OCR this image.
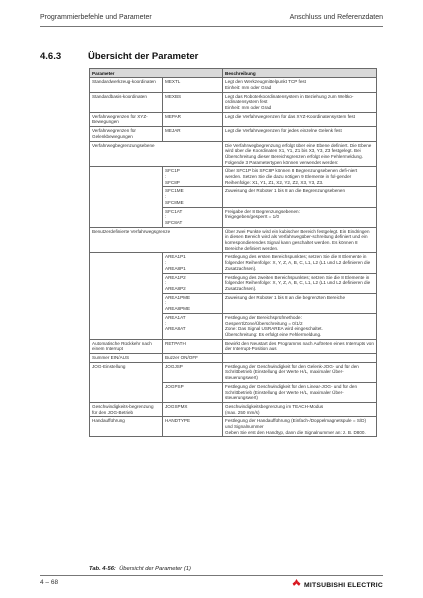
Programmierbefehle und Parameter	Anschluss und Referenzdaten
4.6.3	Übersicht der Parameter
Parameter		Beschreibung
Standardwerkzeug-koordinaten	MEXTL	Legt den Werkzeugmittelpunkt TCP fest
Einheit: mm oder Grad
Standardbasis-koordinaten	MEXBS	Legt das Roboterkoordinatensystem in Beziehung zum Weltko-ordinatensystem fest
Einheit: mm oder Grad
Verfahrwegrenzen für XYZ-Bewegungen	MEPAR	Legt die Verfahrwegrenzen für das XYZ-Koordinatensystem fest
Verfahrwegrenzen für Gelenkbewegungen	MEJAR	Legt die Verfahrwegrenzen für jedes einzelne Gelenk fest
Verfahrwegbegrenzungsebene		Die Verfahrwegbegrenzung erfolgt über eine Ebene definiert. Die Ebene wird über die Koordinaten X1, Y1, Z1 bis X3, Y3, Z3 festgelegt. Bei Überschreitung dieser Bereichsgrenzen erfolgt eine Fehlermeldung. Folgende 3 Parametertypen können verwendet werden:
	SFC1P
:
SFC8P	Über SFC1P bis SFC8P können 8 Begrenzungsebenen defi-niert werden. Setzen Sie die dazu nötigen 9 Elemente in fol-gender Reihenfolge: X1, Y1, Z1, X2, Y2, Z2, X3, Y3, Z3.
	SFC1ME
:
SFC8ME	Zuweisung der Roboter 1 bis 8 an die Begrenzungsebenen
	SFC1AT
:
SFC8AT	Freigabe der 8 Begrenzungsebenen:
freigegeben/gesperrt = 1/0
Benutzerdefinierte Verfahrwegsgrenze		Über zwei Punkte wird ein kubischer Bereich festgelegt. Ein Eindringen in diesen Bereich wird als Verfahrwegüber-schreitung definiert und ein korrespondierendes Signal kann geschaltet werden. Es können 8 Bereiche definiert werden.
	AREA1P1
:
AREA8P1	Festlegung des ersten Bereichspunktes; setzen Sie die 8 Elemente in folgender Reihenfolge: X, Y, Z, A, B, C, L1, L2 (L1 und L2 definieren die Zusatzachsen).
	AREA1P2
:
AREA8P2	Festlegung des zweiten Bereichspunktes; setzen Sie die 8 Elemente in folgender Reihenfolge: X, Y, Z, A, B, C, L1, L2 (L1 und L2 definieren die Zusatzachsen).
	AREA1PME
:
AREA8PME	Zuweisung der Roboter 1 bis 8 an die begrenzten Bereiche
	AREA1AT
:
AREA8AT	Festlegung der Bereichsprüfmethode:
Gesperrt/Zone/Überschreitung = 0/1/2
Zone: Das Signal USRAREA wird eingeschaltet.
Überschreitung: Es erfolgt eine Fehlermeldung.
Automatische Rückkehr nach einem Interrupt	RETPATH	Bewirkt den Neustart des Programms nach Auftreten eines Interrupts von der Interrupt-Position aus
Summer EIN/AUS	Buzzer ON/OFF	
JOG-Einstellung	JOGJSP	Festlegung der Geschwindigkeit für den Gelenk-JOG- und für den Schrittbetrieb (Einstellung der Werte H/L, maximaler Über-steuerungswert)
	JOGPSP	Festlegung der Geschwindigkeit für den Linear-JOG- und für den Schrittbetrieb (Einstellung der Werte H/L, maximaler Über-steuerungswert)
Geschwindigkeits-begrenzung für den JOG-Betrieb	JOGSPMX	Geschwindigkeitsbegrenzung im TEACH-Modus
(max. 250 mm/s)
Handaufführung	HANDTYPE	Festlegung der Handaufführung (Einfach-/Doppelmagnetspule = S/D) und Signalnummer
Geben Sie erst den Handtyp, dann die Signalnummer an: z. B. D800.
Tab. 4-56: Übersicht der Parameter (1)
4 – 68	MITSUBISHI ELECTRIC
